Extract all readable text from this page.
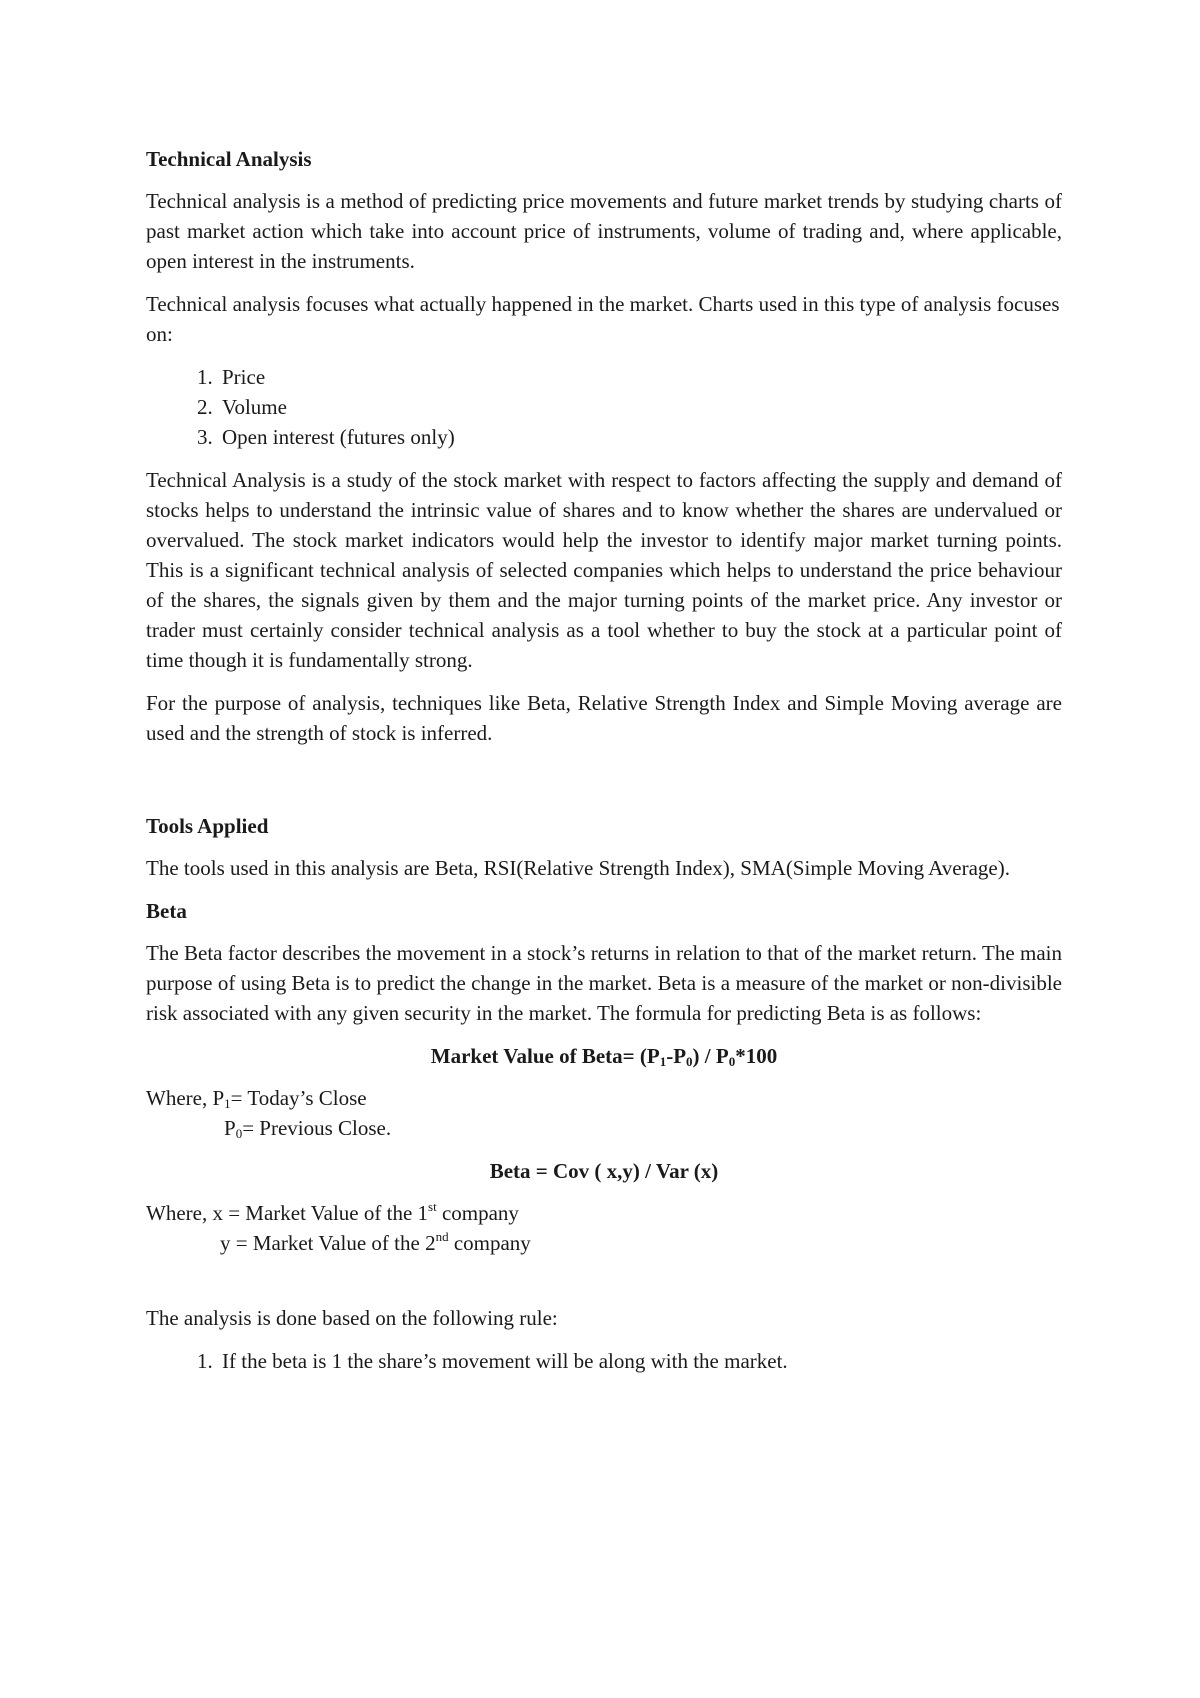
Technical Analysis

Technical analysis is a method of predicting price movements and future market trends by studying charts of past market action which take into account price of instruments, volume of trading and, where applicable, open interest in the instruments.

Technical analysis focuses what actually happened in the market. Charts used in this type of analysis focuses on:

1. Price
2. Volume
3. Open interest (futures only)

Technical Analysis is a study of the stock market with respect to factors affecting the supply and demand of stocks helps to understand the intrinsic value of shares and to know whether the shares are undervalued or overvalued. The stock market indicators would help the investor to identify major market turning points. This is a significant technical analysis of selected companies which helps to understand the price behaviour of the shares, the signals given by them and the major turning points of the market price. Any investor or trader must certainly consider technical analysis as a tool whether to buy the stock at a particular point of time though it is fundamentally strong.

For the purpose of analysis, techniques like Beta, Relative Strength Index and Simple Moving average are used and the strength of stock is inferred.

Tools Applied

The tools used in this analysis are Beta, RSI(Relative Strength Index), SMA(Simple Moving Average).

Beta

The Beta factor describes the movement in a stock’s returns in relation to that of the market return. The main purpose of using Beta is to predict the change in the market. Beta is a measure of the market or non-divisible risk associated with any given security in the market. The formula for predicting Beta is as follows:

Market Value of Beta= $(P_1-P_0) / P_0*100$
Where, $P_1=$ Today’s Close
$P_0=$ Previous Close.
Beta = Cov ( x,y) / Var (x)
Where, x = Market Value of the 1st company
y = Market Value of the 2nd company

The analysis is done based on the following rule:

1. If the beta is 1 the share’s movement will be along with the market.
